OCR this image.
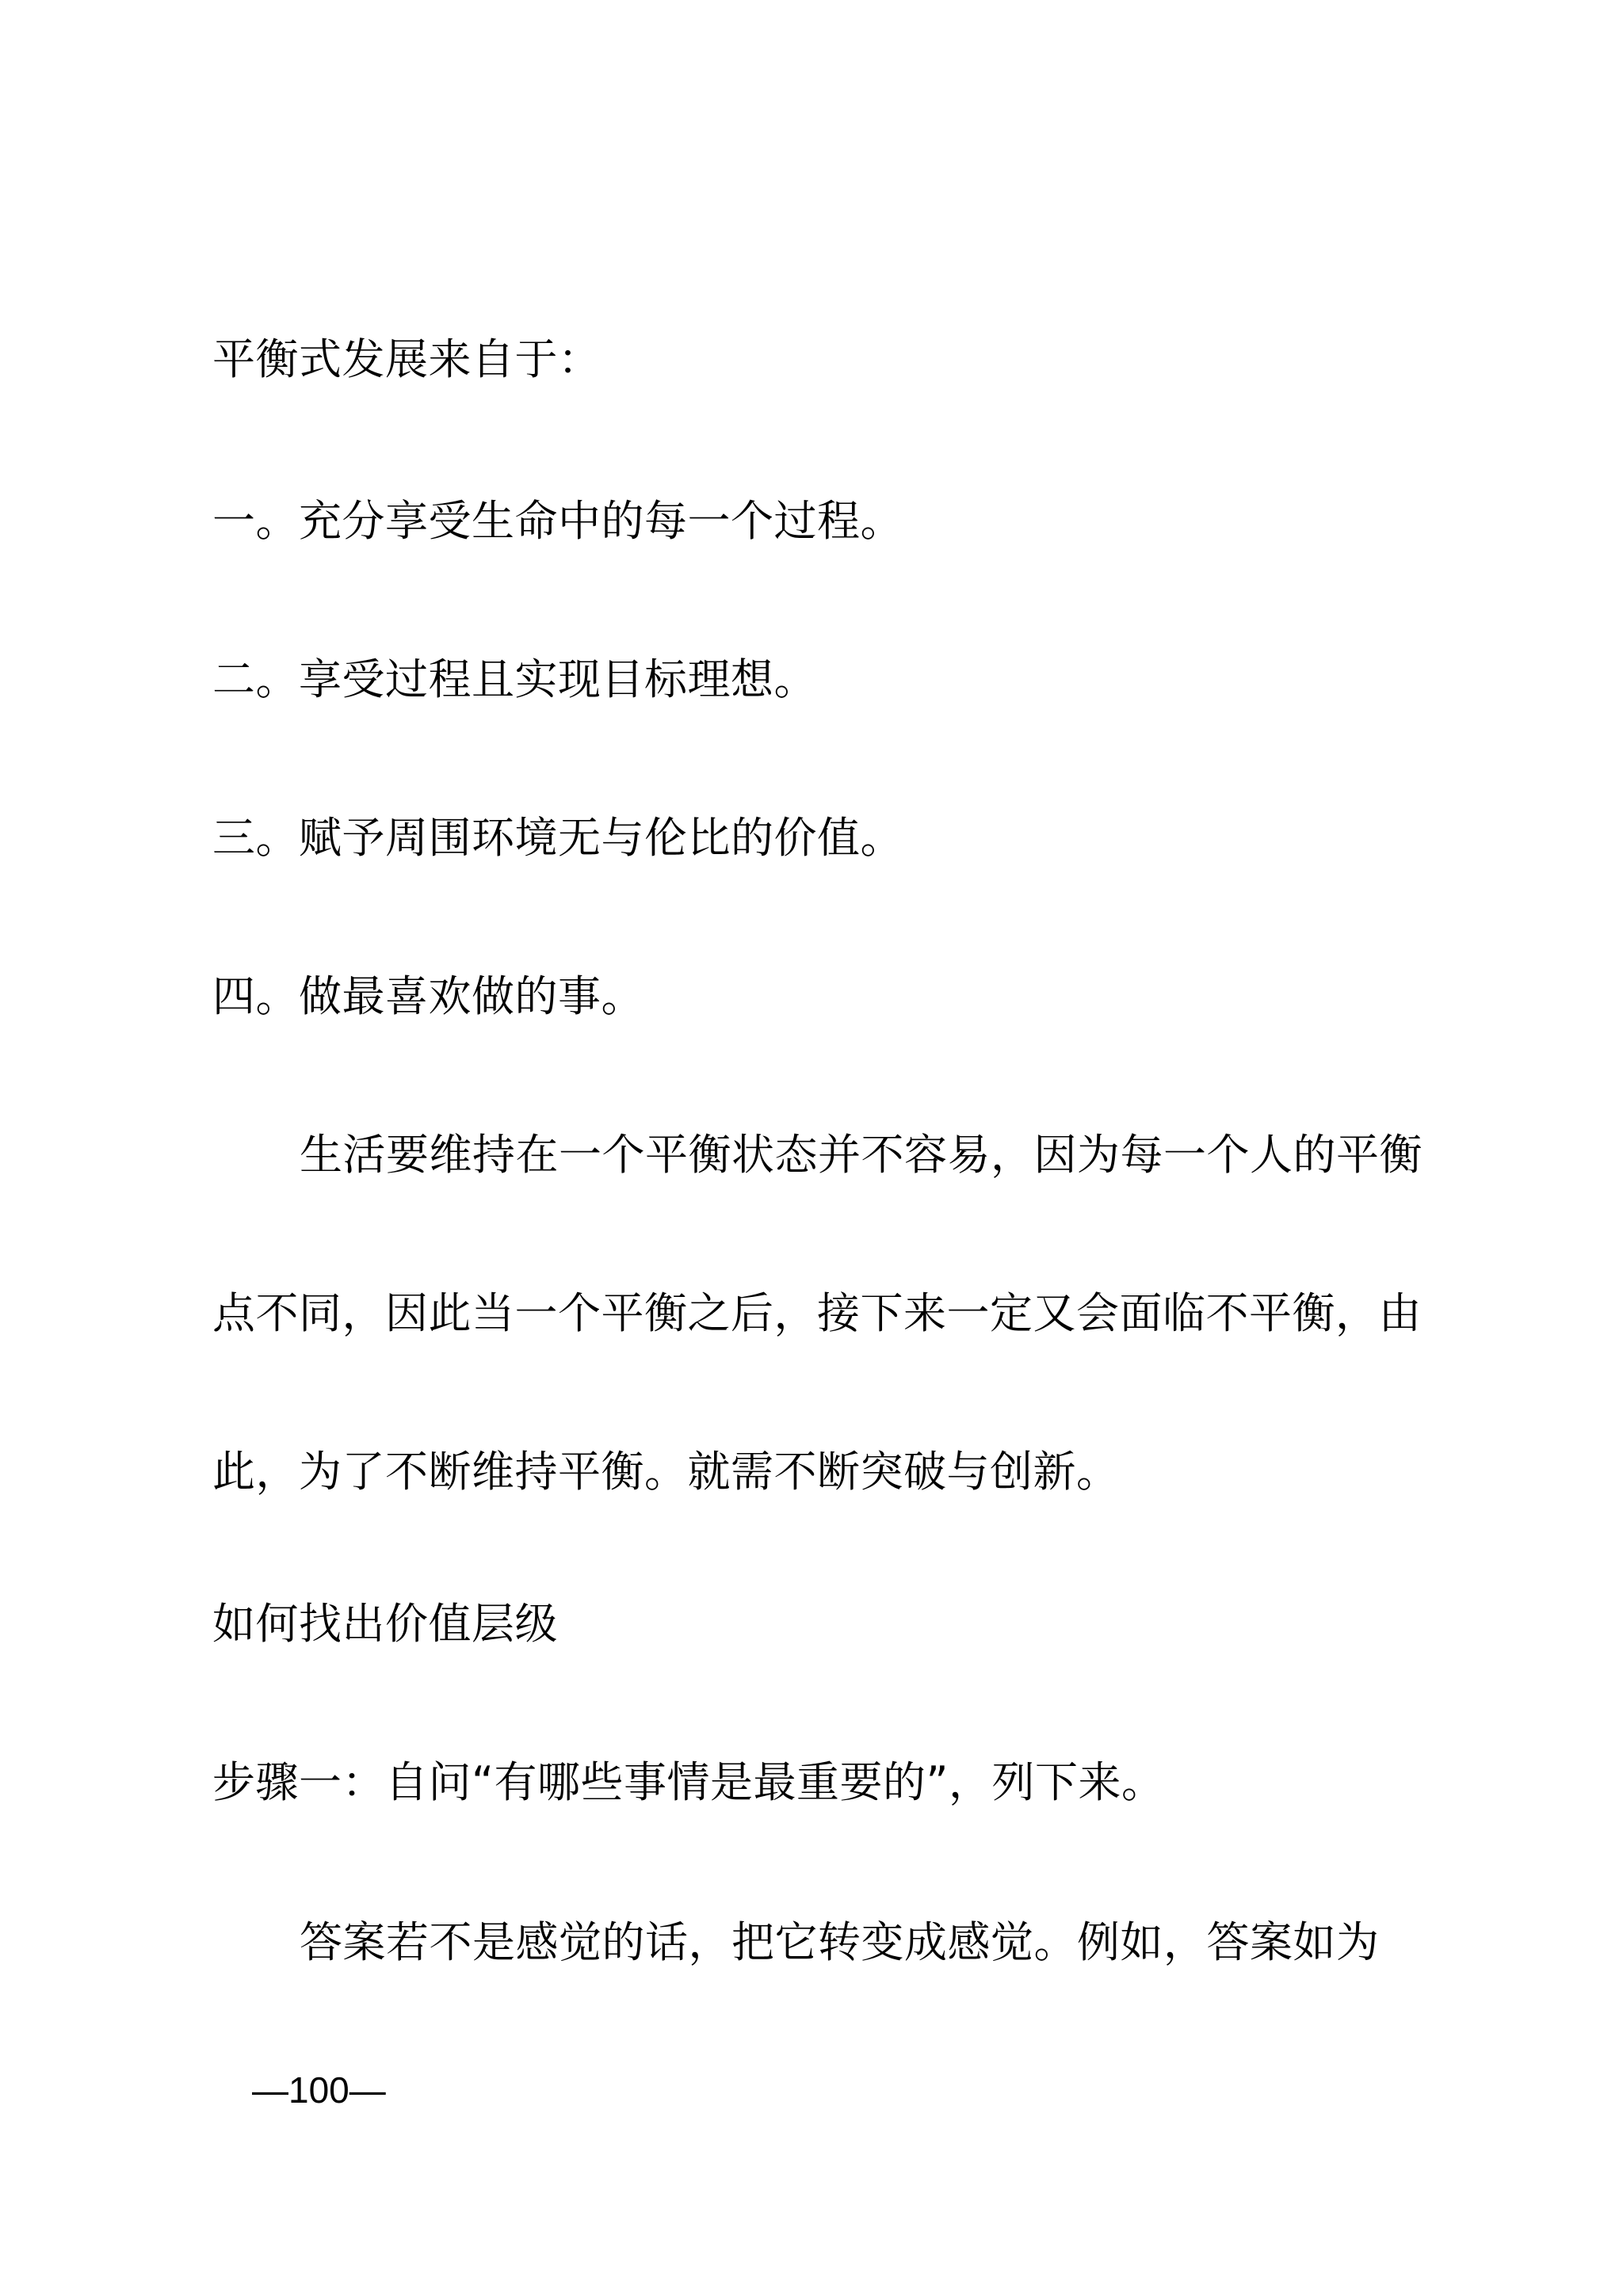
平衡式发展来自于：

一。充分享受生命中的每一个过程。

二。享受过程且实现目标理想。

三。赋予周围环境无与伦比的价值。

四。做最喜欢做的事。

生活要维持在一个平衡状态并不容易，因为每一个人的平衡

点不同，因此当一个平衡之后，接下来一定又会面临不平衡，由

此，为了不断维持平衡。就需不断突破与创新。

如何找出价值层级

步骤一：自问“有哪些事情是最重要的”，列下来。

答案若不是感觉的话，把它转变成感觉。例如，答案如为

—100—
